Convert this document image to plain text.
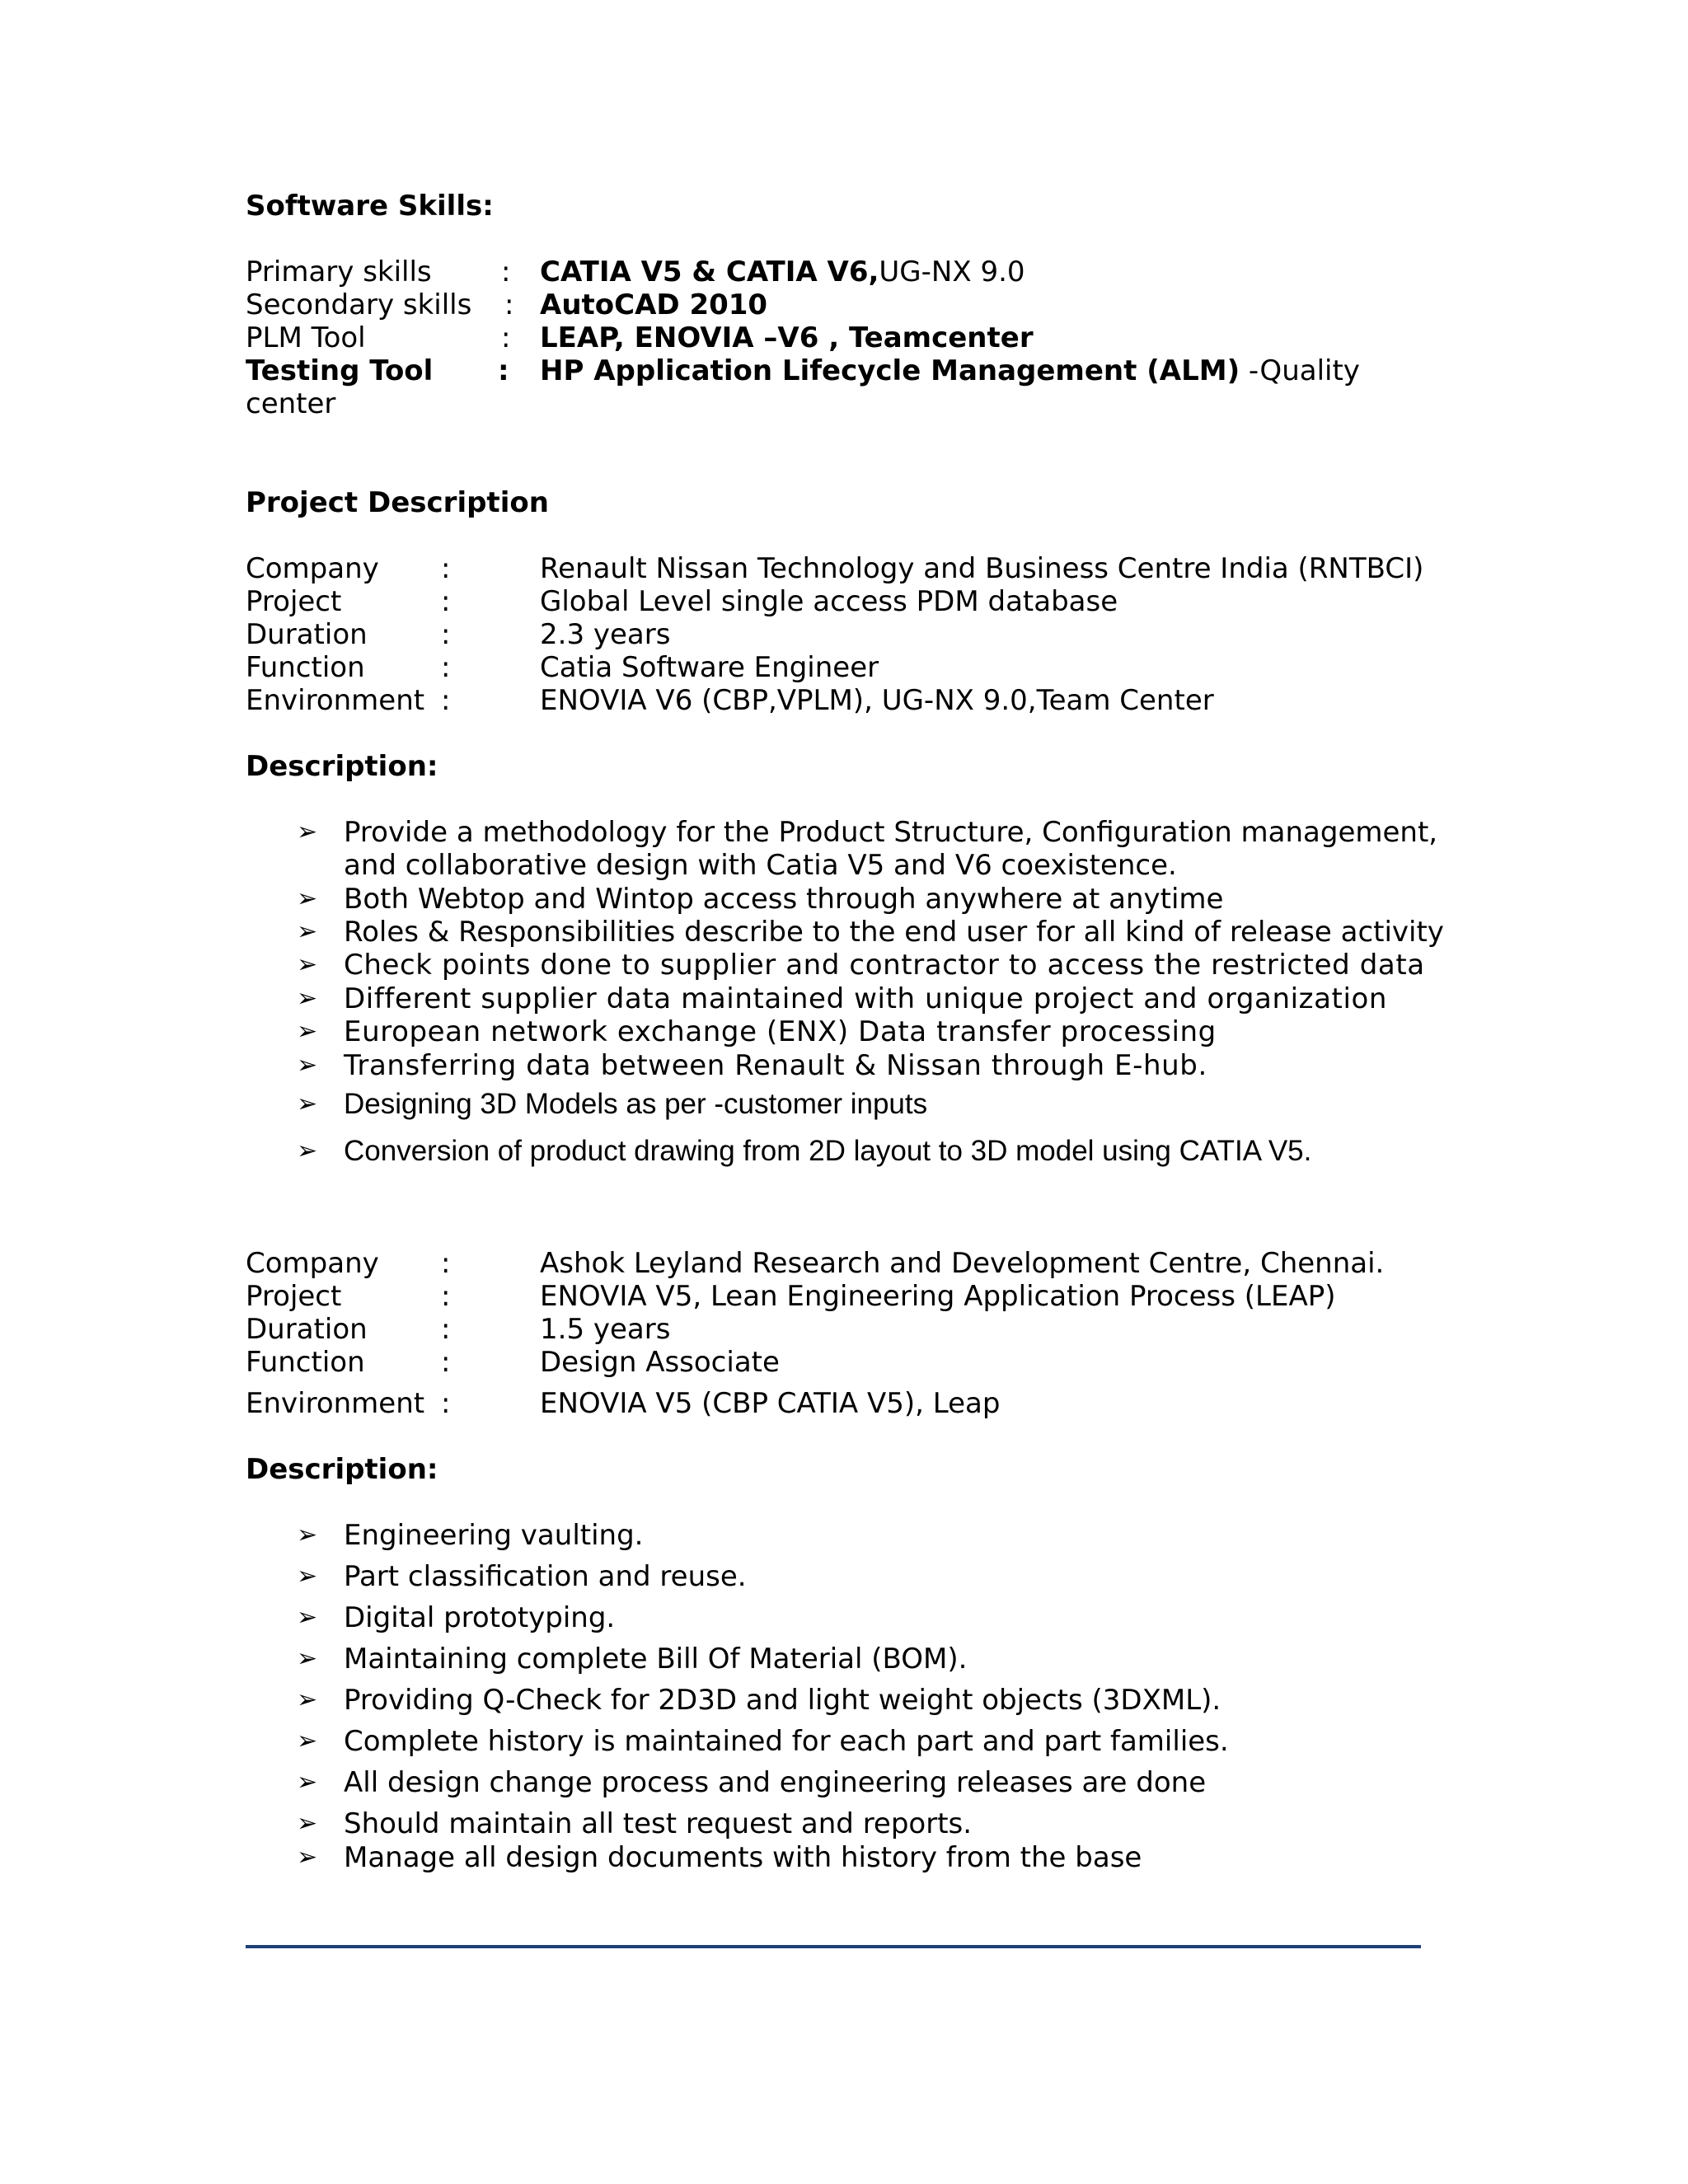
Software Skills:
Primary skills : CATIA V5 & CATIA V6,UG-NX 9.0
Secondary skills : AutoCAD 2010
PLM Tool	: LEAP, ENOVIA –V6 , Teamcenter
Testing Tool : HP Application Lifecycle Management (ALM) -Quality
center
Project Description
Company :	Renault Nissan Technology and Business Centre India (RNTBCI)
Project	:	Global Level single access PDM database
Duration	:	2.3 years
Function	:	Catia Software Engineer
Environment :	ENOVIA V6 (CBP,VPLM), UG-NX 9.0,Team Center
Description:
➢ Provide a methodology for the Product Structure, Configuration management,
and collaborative design with Catia V5 and V6 coexistence.
➢ Both Webtop and Wintop access through anywhere at anytime
➢ Roles & Responsibilities describe to the end user for all kind of release activity
➢ Check points done to supplier and contractor to access the restricted data
➢ Different supplier data maintained with unique project and organization
➢ European network exchange (ENX) Data transfer processing
➢ Transferring data between Renault & Nissan through E-hub.
➢ Designing 3D Models as per -customer inputs
➢ Conversion of product drawing from 2D layout to 3D model using CATIA V5.
Company :	Ashok Leyland Research and Development Centre, Chennai.
Project	:	ENOVIA V5, Lean Engineering Application Process (LEAP)
Duration	:	1.5 years
Function	:	Design Associate
Environment :	ENOVIA V5 (CBP CATIA V5), Leap
Description:
➢ Engineering vaulting.
➢ Part classification and reuse.
➢ Digital prototyping.
➢ Maintaining complete Bill Of Material (BOM).
➢ Providing Q-Check for 2D3D and light weight objects (3DXML).
➢ Complete history is maintained for each part and part families.
➢ All design change process and engineering releases are done
➢ Should maintain all test request and reports.
➢ Manage all design documents with history from the base
